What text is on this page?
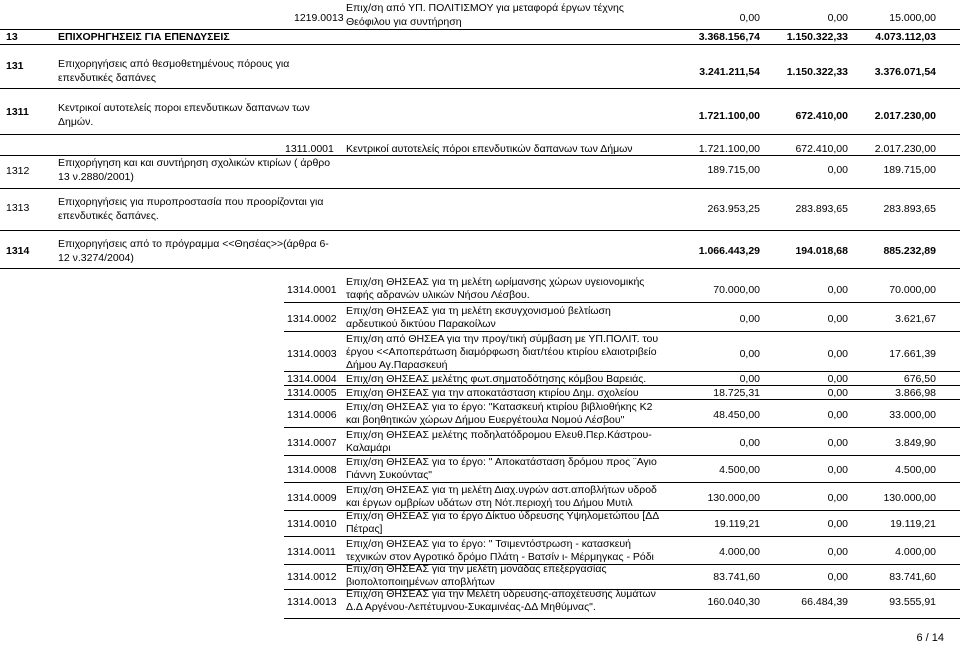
1219.0013
Επιχ/ση από ΥΠ. ΠΟΛΙΤΙΣΜΟΥ για μεταφορά έργων τέχνης
Θεόφιλου για συντήρηση	0,00	0,00	15.000,00
13	ΕΠΙΧΟΡΗΓΗΣΕΙΣ ΓΙΑ ΕΠΕΝΔΥΣΕΙΣ	3.368.156,74	1.150.322,33	4.073.112,03
131	Επιχορηγήσεις από θεσμοθετημένους πόρους για
επενδυτικές δαπάνες	3.241.211,54	1.150.322,33	3.376.071,54
1311	Κεντρικοί αυτοτελείς ποροι επενδυτικων δαπανων των
Δημών.	1.721.100,00	672.410,00	2.017.230,00
1311.0001 Κεντρικοί αυτοτελείς πόροι επενδυτικών δαπανων των Δήμων	1.721.100,00	672.410,00	2.017.230,00
1312
Επιχορήγηση και και συντήρηση σχολικών κτιρίων ( άρθρο
13 ν.2880/2001)
189.715,00	0,00	189.715,00
1313	Επιχορηγήσεις για πυροπροστασία που προορίζονται για
επενδυτικές δαπάνες.
263.953,25	283.893,65	283.893,65
1314
Επιχορηγήσεις από το πρόγραμμα <<Θησέας>>(άρθρα 6-
12 ν.3274/2004)
1.066.443,29	194.018,68	885.232,89
1314.0001
Επιχ/ση ΘΗΣΕΑΣ για τη μελέτη ωρίμανσης χώρων υγειονομικής
ταφής αδρανών υλικών Νήσου Λέσβου.	70.000,00	0,00	70.000,00
1314.0002
Επιχ/ση ΘΗΣΕΑΣ για τη μελέτη εκσυγχονισμού βελτίωση
αρδευτικού δικτύου Παρακοίλων	0,00	0,00	3.621,67
1314.0003
Επιχ/ση από ΘΗΣΕΑ για την προγ/τική σύμβαση με ΥΠ.ΠΟΛΙΤ. του
έργου <<Αποπεράτωση διαμόρφωση διατ/τέου κτιρίου ελαιοτριβείο
Δήμου Αγ.Παρασκευή
0,00	0,00	17.661,39
1314.0004 Επιχ/ση ΘΗΣΕΑΣ μελέτης φωτ.σηματοδότησης κόμβου Βαρειάς.	0,00	0,00	676,50
1314.0005 Επιχ/ση ΘΗΣΕΑΣ για την αποκατάσταση κτιρίου Δημ. σχολείου	18.725,31	0,00	3.866,98
1314.0006
Επιχ/ση ΘΗΣΕΑΣ για το έργο: "Κατασκευή κτιρίου βιβλιοθήκης Κ2
και βοηθητικών χώρων Δήμου Ευεργέτουλα Νομού Λέσβου"	48.450,00	0,00	33.000,00
1314.0007
Επιχ/ση ΘΗΣΕΑΣ μελέτης ποδηλατόδρομου Ελευθ.Περ.Κάστρου-
Καλαμάρι	0,00	0,00	3.849,90
1314.0008
Επιχ/ση ΘΗΣΕΑΣ για το έργο: " Αποκατάσταση δρόμου προς ¨Αγιο
Γιάννη Συκούντας"	4.500,00	0,00	4.500,00
1314.0009
Επιχ/ση ΘΗΣΕΑΣ για τη μελέτη Διαχ.υγρών αστ.αποβλήτων υδροδ
και έργων ομβρίων υδάτων στη Νότ.περιοχή του Δήμου Μυτιλ	130.000,00	0,00	130.000,00
1314.0010
Επιχ/ση ΘΗΣΕΑΣ για το έργο Δίκτυο ύδρευσης Υψηλομετώπου [ΔΔ
Πέτρας]	19.119,21	0,00	19.119,21
1314.0011
Επιχ/ση ΘΗΣΕΑΣ για το έργο: " Τσιμεντόστρωση - κατασκευή
τεχνικών στον Αγροτικό δρόμο Πλάτη - Βατσίν ι- Μέρμηγκας - Ρόδι	4.000,00	0,00	4.000,00
1314.0012
Επιχ/ση ΘΗΣΕΑΣ για την μελέτη μονάδας επεξεργασίας
βιοπολτοποιημένων αποβλήτων	83.741,60	0,00	83.741,60
1314.0013
Επιχ/ση ΘΗΣΕΑΣ για την Μελέτη ύδρευσης-αποχέτευσης λυμάτων
Δ.Δ Αργένου-Λεπέτυμνου-Συκαμινέας-ΔΔ Μηθύμνας".	160.040,30	66.484,39	93.555,91
6 / 14
